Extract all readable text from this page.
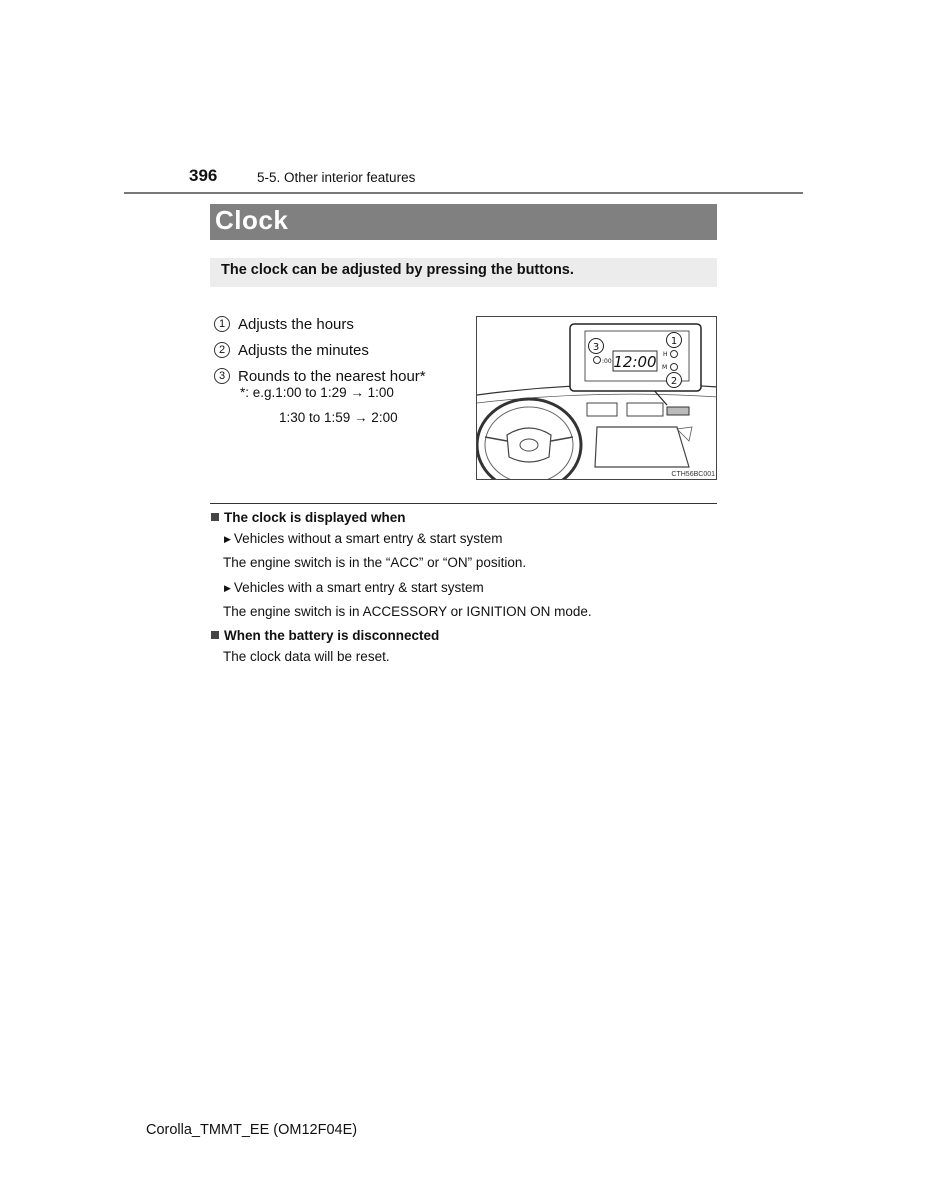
396	5-5. Other interior features
Clock
The clock can be adjusted by pressing the buttons.
1 Adjusts the hours
2 Adjusts the minutes
3 Rounds to the nearest hour*
*: e.g.1:00 to 1:29 → 1:00
1:30 to 1:59 → 2:00
12:00
:00
H
M
3
1
2
CTH56BC001
The clock is displayed when
▶ Vehicles without a smart entry & start system
The engine switch is in the “ACC” or “ON” position.
▶ Vehicles with a smart entry & start system
The engine switch is in ACCESSORY or IGNITION ON mode.
When the battery is disconnected
The clock data will be reset.
Corolla_TMMT_EE (OM12F04E)
